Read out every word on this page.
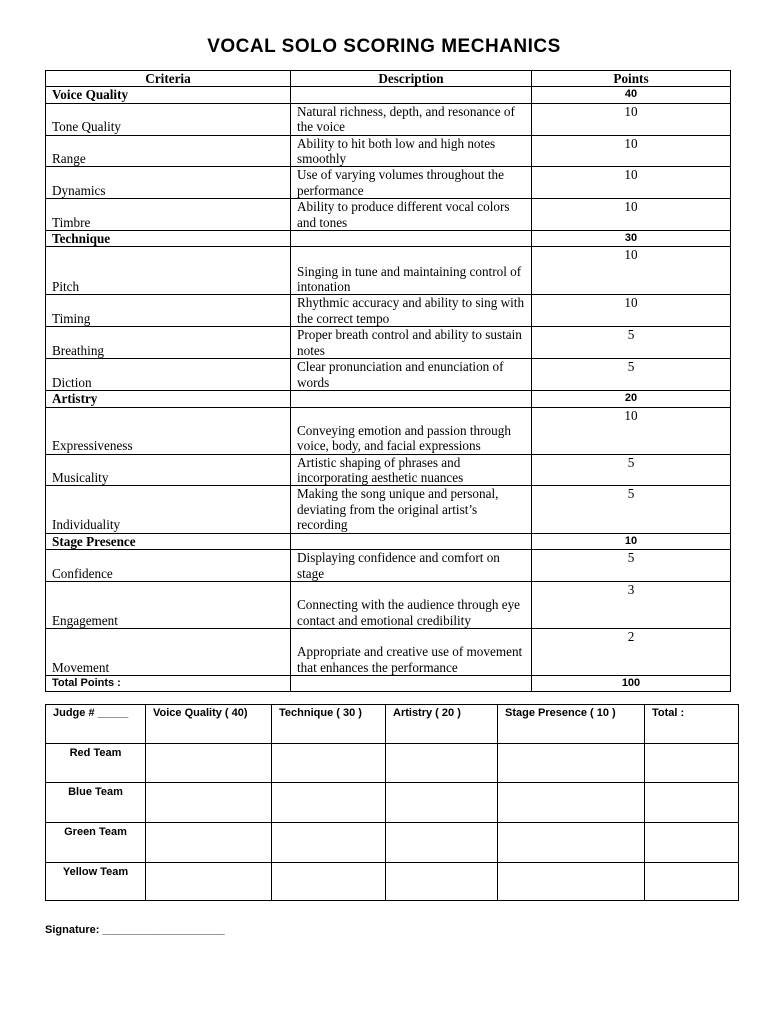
VOCAL SOLO SCORING MECHANICS
Criteria	Description	Points
Voice Quality		40
Tone Quality	Natural richness, depth, and resonance of the voice	10
Range	Ability to hit both low and high notes smoothly	10
Dynamics	Use of varying volumes throughout the performance	10
Timbre	Ability to produce different vocal colors and tones	10
Technique		30
Pitch	Singing in tune and maintaining control of intonation	10
Timing	Rhythmic accuracy and ability to sing with the correct tempo	10
Breathing	Proper breath control and ability to sustain notes	5
Diction	Clear pronunciation and enunciation of words	5
Artistry		20
Expressiveness	Conveying emotion and passion through voice, body, and facial expressions	10
Musicality	Artistic shaping of phrases and incorporating aesthetic nuances	5
Individuality	Making the song unique and personal, deviating from the original artist’s recording	5
Stage Presence		10
Confidence	Displaying confidence and comfort on stage	5
Engagement	Connecting with the audience through eye contact and emotional credibility	3
Movement	Appropriate and creative use of movement that enhances the performance	2
Total Points :		100
Judge # _____	Voice Quality ( 40)	Technique ( 30 )	Artistry ( 20 )	Stage Presence ( 10 )	Total :
Red Team					
Blue Team					
Green Team					
Yellow Team					
Signature: ____________________
